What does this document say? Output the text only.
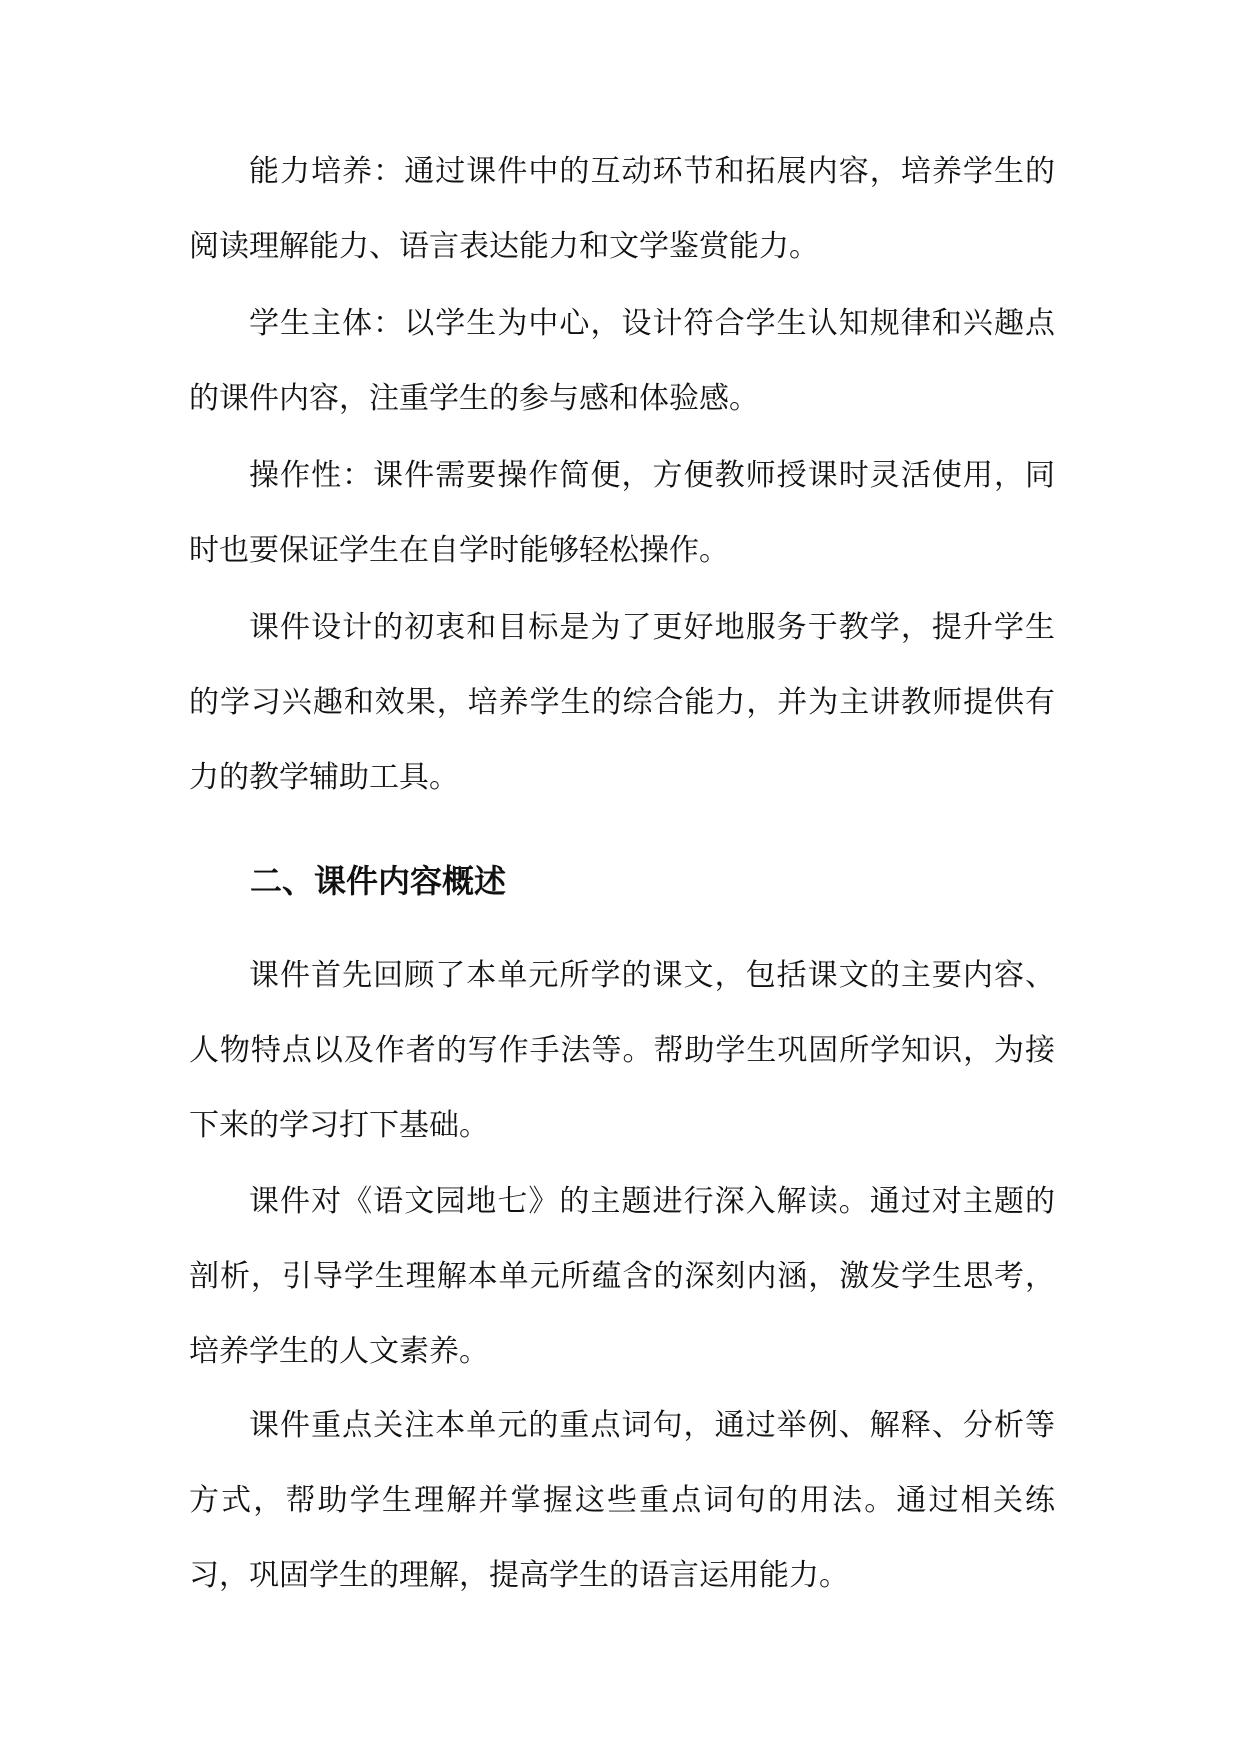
能力培养：通过课件中的互动环节和拓展内容，培养学生的阅读理解能力、语言表达能力和文学鉴赏能力。

学生主体：以学生为中心，设计符合学生认知规律和兴趣点的课件内容，注重学生的参与感和体验感。

操作性：课件需要操作简便，方便教师授课时灵活使用，同时也要保证学生在自学时能够轻松操作。

课件设计的初衷和目标是为了更好地服务于教学，提升学生的学习兴趣和效果，培养学生的综合能力，并为主讲教师提供有力的教学辅助工具。

二、课件内容概述

课件首先回顾了本单元所学的课文，包括课文的主要内容、人物特点以及作者的写作手法等。帮助学生巩固所学知识，为接下来的学习打下基础。

课件对《语文园地七》的主题进行深入解读。通过对主题的剖析，引导学生理解本单元所蕴含的深刻内涵，激发学生思考，培养学生的人文素养。

课件重点关注本单元的重点词句，通过举例、解释、分析等方式，帮助学生理解并掌握这些重点词句的用法。通过相关练习，巩固学生的理解，提高学生的语言运用能力。
